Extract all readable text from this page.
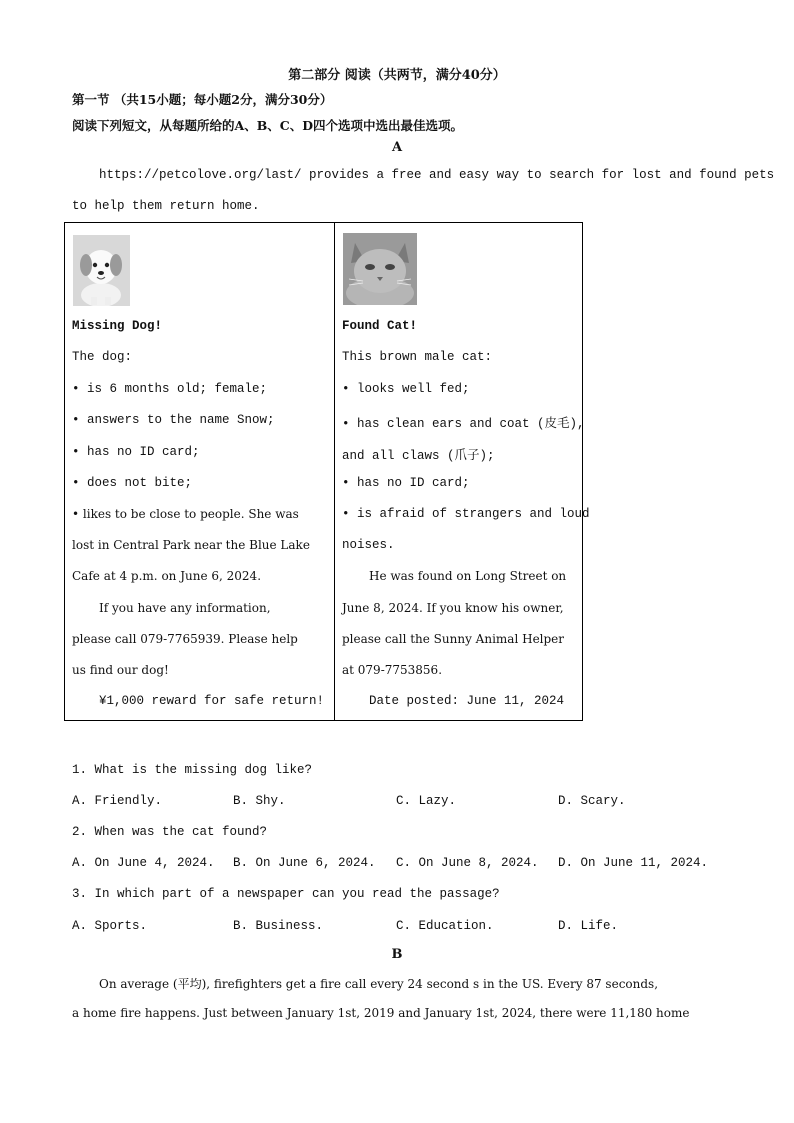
第二部分 阅读（共两节，满分40分）
第一节 （共15小题；每小题2分，满分30分）
阅读下列短文，从每题所给的A、B、C、D四个选项中选出最佳选项。
A
https://petcolove.org/last/ provides a free and easy way to search for lost and found pets
to help them return home.
Missing Dog!
The dog:
• is 6 months old; female;
• answers to the name Snow;
• has no ID card;
• does not bite;
• likes to be close to people. She was
lost in Central Park near the Blue Lake
Cafe at 4 p.m. on June 6, 2024.
If you have any information,
please call 079-7765939. Please help
us find our dog!
¥1,000 reward for safe return!
Found Cat!
This brown male cat:
• looks well fed;
• has clean ears and coat (皮毛),
and all claws (爪子);
• has no ID card;
• is afraid of strangers and loud
noises.
He was found on Long Street on
June 8, 2024. If you know his owner,
please call the Sunny Animal Helper
at 079-7753856.
Date posted: June 11, 2024
1. What is the missing dog like?
A. Friendly.	B. Shy.	C. Lazy.	D. Scary.
2. When was the cat found?
A. On June 4, 2024. B. On June 6, 2024. C. On June 8, 2024. D. On June 11, 2024.
3. In which part of a newspaper can you read the passage?
A. Sports.	B. Business.	C. Education.	D. Life.
B
On average (平均), firefighters get a fire call every 24 second s in the US. Every 87 seconds,
a home fire happens. Just between January 1st, 2019 and January 1st, 2024, there were 11,180 home
